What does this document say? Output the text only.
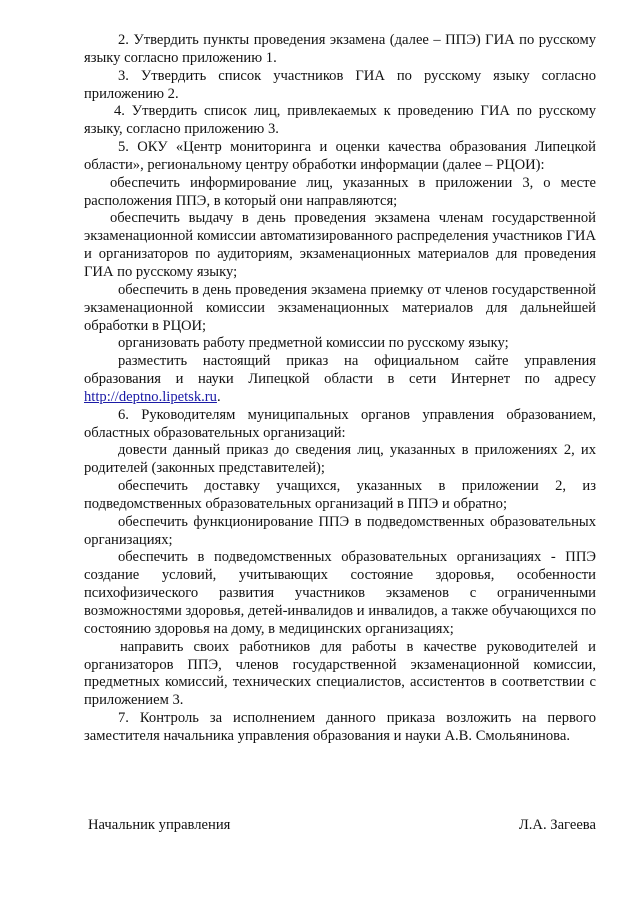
2. Утвердить пункты проведения экзамена (далее – ППЭ) ГИА по русскому языку согласно приложению 1.

3. Утвердить список участников ГИА по русскому языку согласно приложению 2.

4. Утвердить список лиц, привлекаемых к проведению ГИА по русскому языку, согласно приложению 3.

5. ОКУ «Центр мониторинга и оценки качества образования Липецкой области», региональному центру обработки информации (далее – РЦОИ):

обеспечить информирование лиц, указанных в приложении 3, о месте расположения ППЭ, в который они направляются;

обеспечить выдачу в день проведения экзамена членам государственной экзаменационной комиссии автоматизированного распределения участников ГИА и организаторов по аудиториям, экзаменационных материалов для проведения ГИА по русскому языку;

обеспечить в день проведения экзамена приемку от членов государственной экзаменационной комиссии экзаменационных материалов для дальнейшей обработки в РЦОИ;

организовать работу предметной комиссии по русскому языку;

разместить настоящий приказ на официальном сайте управления образования и науки Липецкой области в сети Интернет по адресу http://deptno.lipetsk.ru.

6. Руководителям муниципальных органов управления образованием, областных образовательных организаций:

довести данный приказ до сведения лиц, указанных в приложениях 2, их родителей (законных представителей);

обеспечить доставку учащихся, указанных в приложении 2, из подведомственных образовательных организаций в ППЭ и обратно;

обеспечить функционирование ППЭ в подведомственных образовательных организациях;

обеспечить в подведомственных образовательных организациях - ППЭ создание условий, учитывающих состояние здоровья, особенности психофизического развития участников экзаменов с ограниченными возможностями здоровья, детей-инвалидов и инвалидов, а также обучающихся по состоянию здоровья на дому, в медицинских организациях;

направить своих работников для работы в качестве руководителей и организаторов ППЭ, членов государственной экзаменационной комиссии, предметных комиссий, технических специалистов, ассистентов в соответствии с приложением 3.

7. Контроль за исполнением данного приказа возложить на первого заместителя начальника управления образования и науки А.В. Смольянинова.

Начальник управления	Л.А. Загеева
